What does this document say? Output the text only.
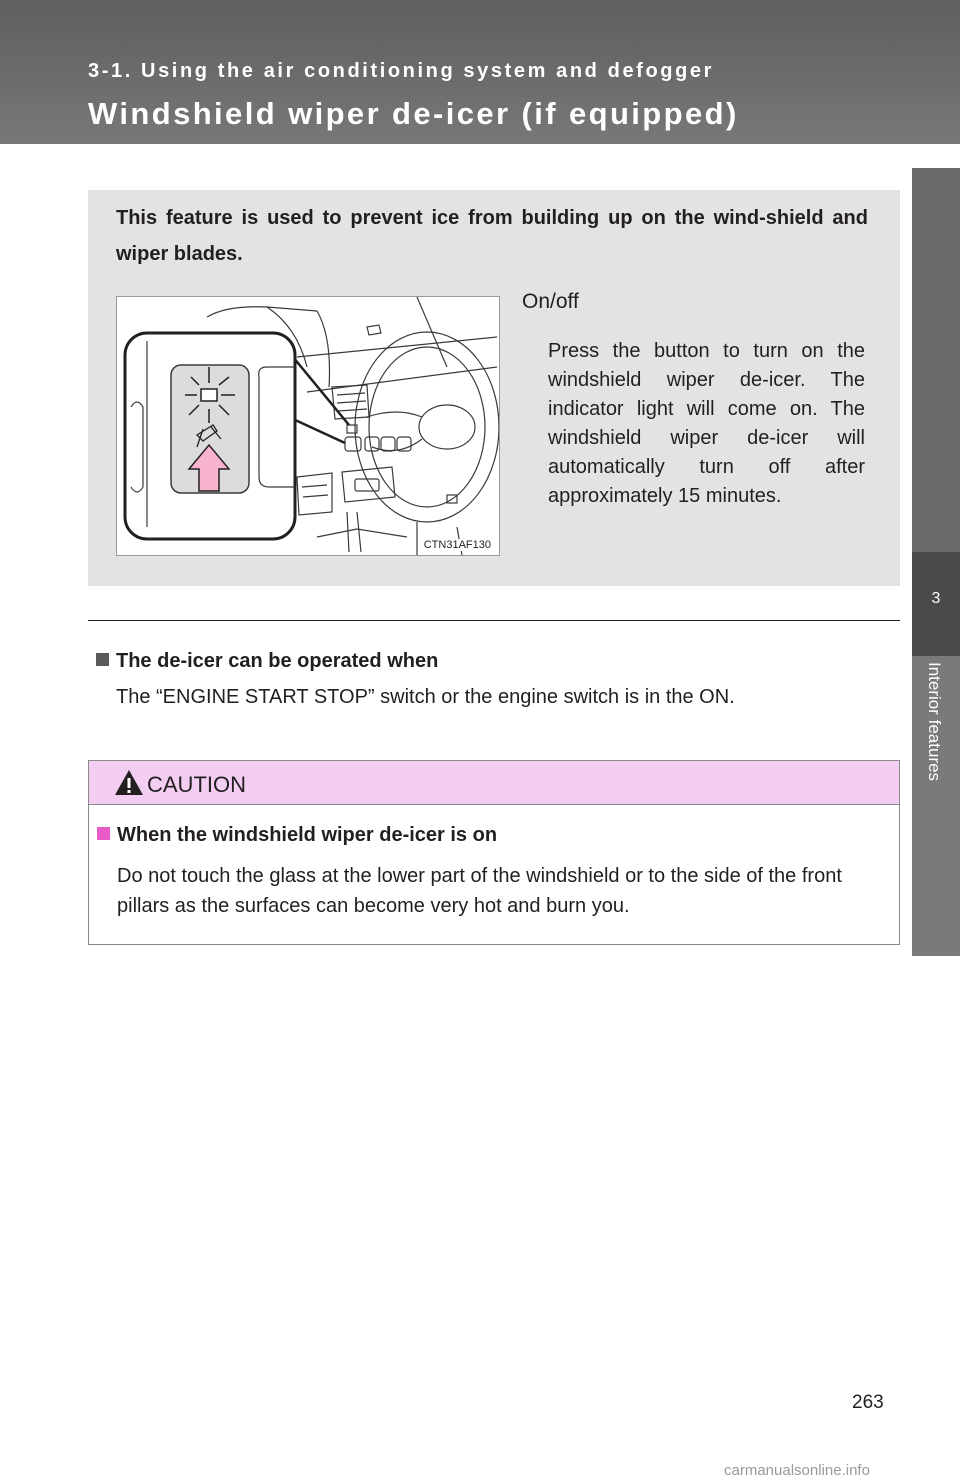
3-1. Using the air conditioning system and defogger
Windshield wiper de-icer (if equipped)
3
Interior features
This feature is used to prevent ice from building up on the wind-shield and wiper blades.
CTN31AF130
On/off
Press the button to turn on the windshield wiper de-icer. The indicator light will come on. The windshield wiper de-icer will automatically turn off after approximately 15 minutes.
The de-icer can be operated when
The “ENGINE START STOP” switch or the engine switch is in the ON.
CAUTION
When the windshield wiper de-icer is on
Do not touch the glass at the lower part of the windshield or to the side of the front pillars as the surfaces can become very hot and burn you.
263
carmanualsonline.info
